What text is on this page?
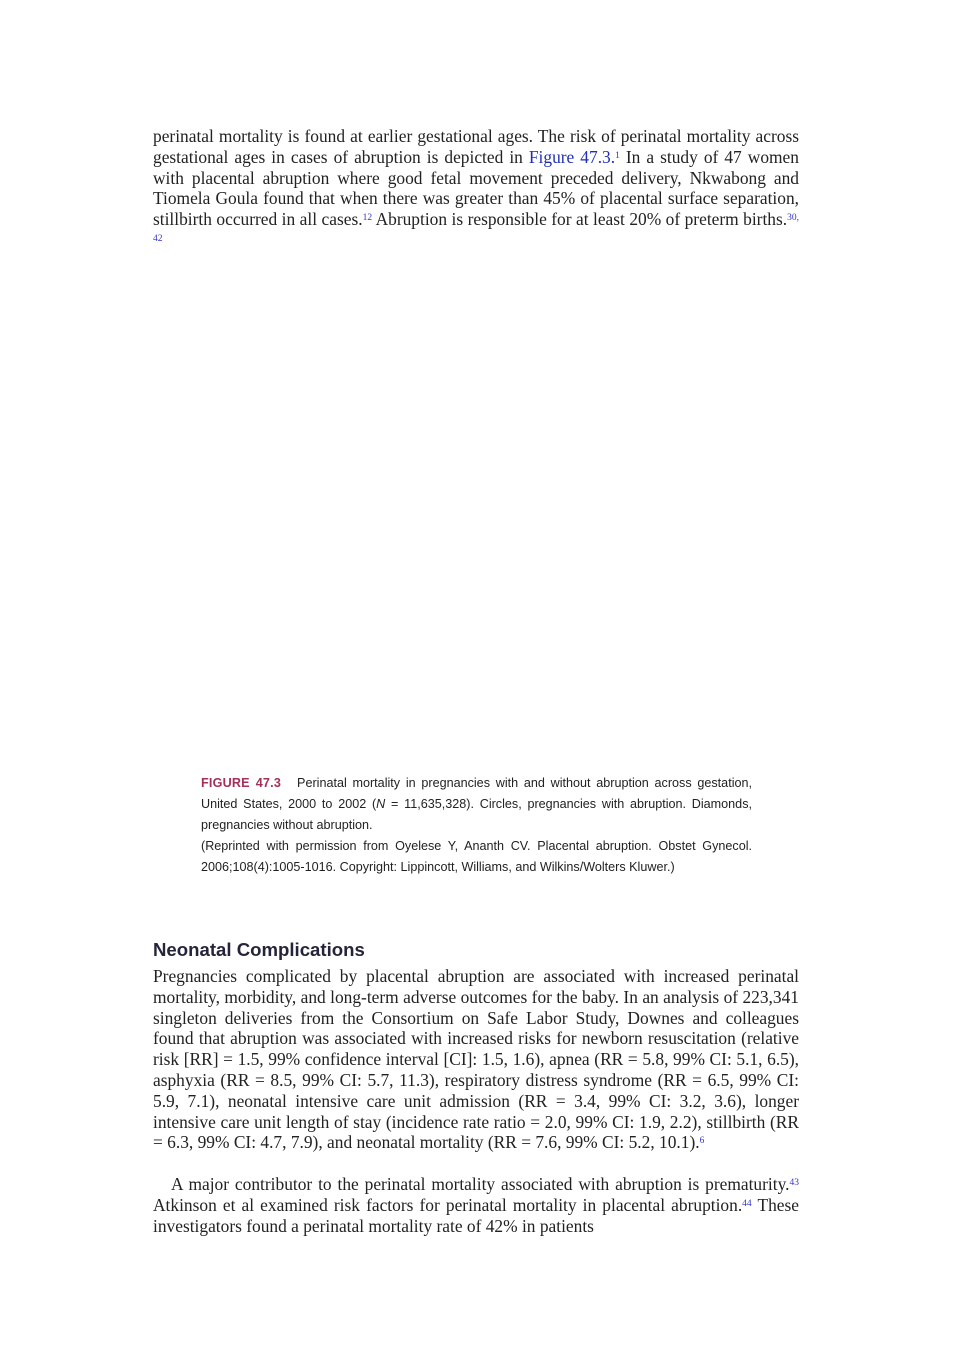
perinatal mortality is found at earlier gestational ages. The risk of perinatal mortality across gestational ages in cases of abruption is depicted in Figure 47.3.$^1$ In a study of 47 women with placental abruption where good fetal movement preceded delivery, Nkwabong and Tiomela Goula found that when there was greater than 45% of placental surface separation, stillbirth occurred in all cases.$^{12}$ Abruption is responsible for at least 20% of preterm births.$^{30, 42}$

FIGURE 47.3 Perinatal mortality in pregnancies with and without abruption across gestation, United States, 2000 to 2002 (N = 11,635,328). Circles, pregnancies with abruption. Diamonds, pregnancies without abruption.

(Reprinted with permission from Oyelese Y, Ananth CV. Placental abruption. Obstet Gynecol. 2006;108(4):1005-1016. Copyright: Lippincott, Williams, and Wilkins/Wolters Kluwer.)

Neonatal Complications

Pregnancies complicated by placental abruption are associated with increased perinatal mortality, morbidity, and long-term adverse outcomes for the baby. In an analysis of 223,341 singleton deliveries from the Consortium on Safe Labor Study, Downes and colleagues found that abruption was associated with increased risks for newborn resuscitation (relative risk [RR] = 1.5, 99% confidence interval [CI]: 1.5, 1.6), apnea (RR = 5.8, 99% CI: 5.1, 6.5), asphyxia (RR = 8.5, 99% CI: 5.7, 11.3), respiratory distress syndrome (RR = 6.5, 99% CI: 5.9, 7.1), neonatal intensive care unit admission (RR = 3.4, 99% CI: 3.2, 3.6), longer intensive care unit length of stay (incidence rate ratio = 2.0, 99% CI: 1.9, 2.2), stillbirth (RR = 6.3, 99% CI: 4.7, 7.9), and neonatal mortality (RR = 7.6, 99% CI: 5.2, 10.1).$^6$

A major contributor to the perinatal mortality associated with abruption is prematurity.$^{43}$ Atkinson et al examined risk factors for perinatal mortality in placental abruption.$^{44}$ These investigators found a perinatal mortality rate of 42% in patients
